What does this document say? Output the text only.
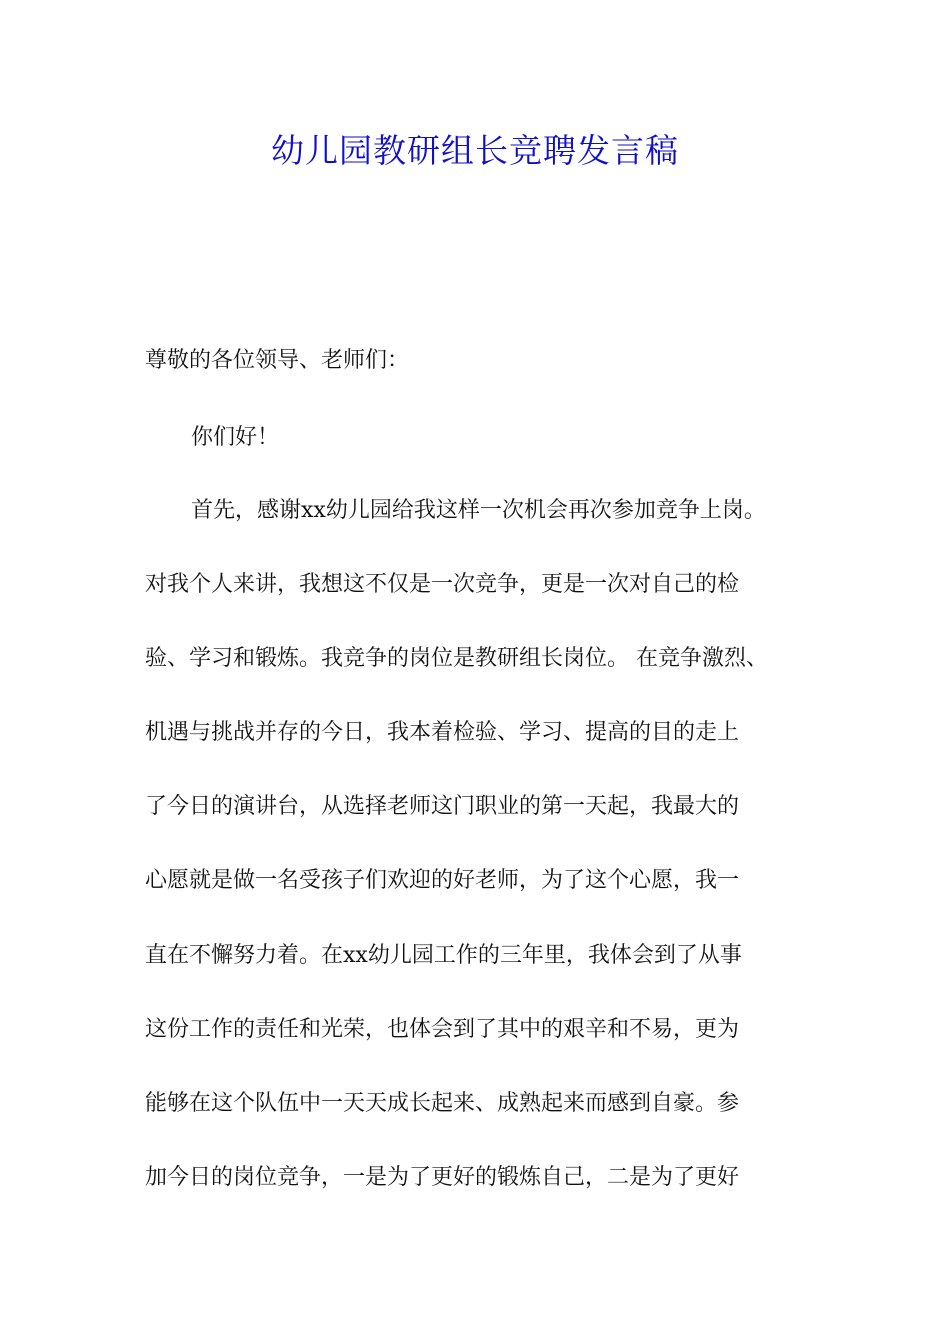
幼儿园教研组长竞聘发言稿

尊敬的各位领导、老师们：

你们好！

首先，感谢xx幼儿园给我这样一次机会再次参加竞争上岗。

对我个人来讲，我想这不仅是一次竞争，更是一次对自己的检

验、学习和锻炼。我竞争的岗位是教研组长岗位。 在竞争激烈、

机遇与挑战并存的今日，我本着检验、学习、提高的目的走上

了今日的演讲台，从选择老师这门职业的第一天起，我最大的

心愿就是做一名受孩子们欢迎的好老师，为了这个心愿，我一

直在不懈努力着。在xx幼儿园工作的三年里，我体会到了从事

这份工作的责任和光荣，也体会到了其中的艰辛和不易，更为

能够在这个队伍中一天天成长起来、成熟起来而感到自豪。参

加今日的岗位竞争，一是为了更好的锻炼自己，二是为了更好
